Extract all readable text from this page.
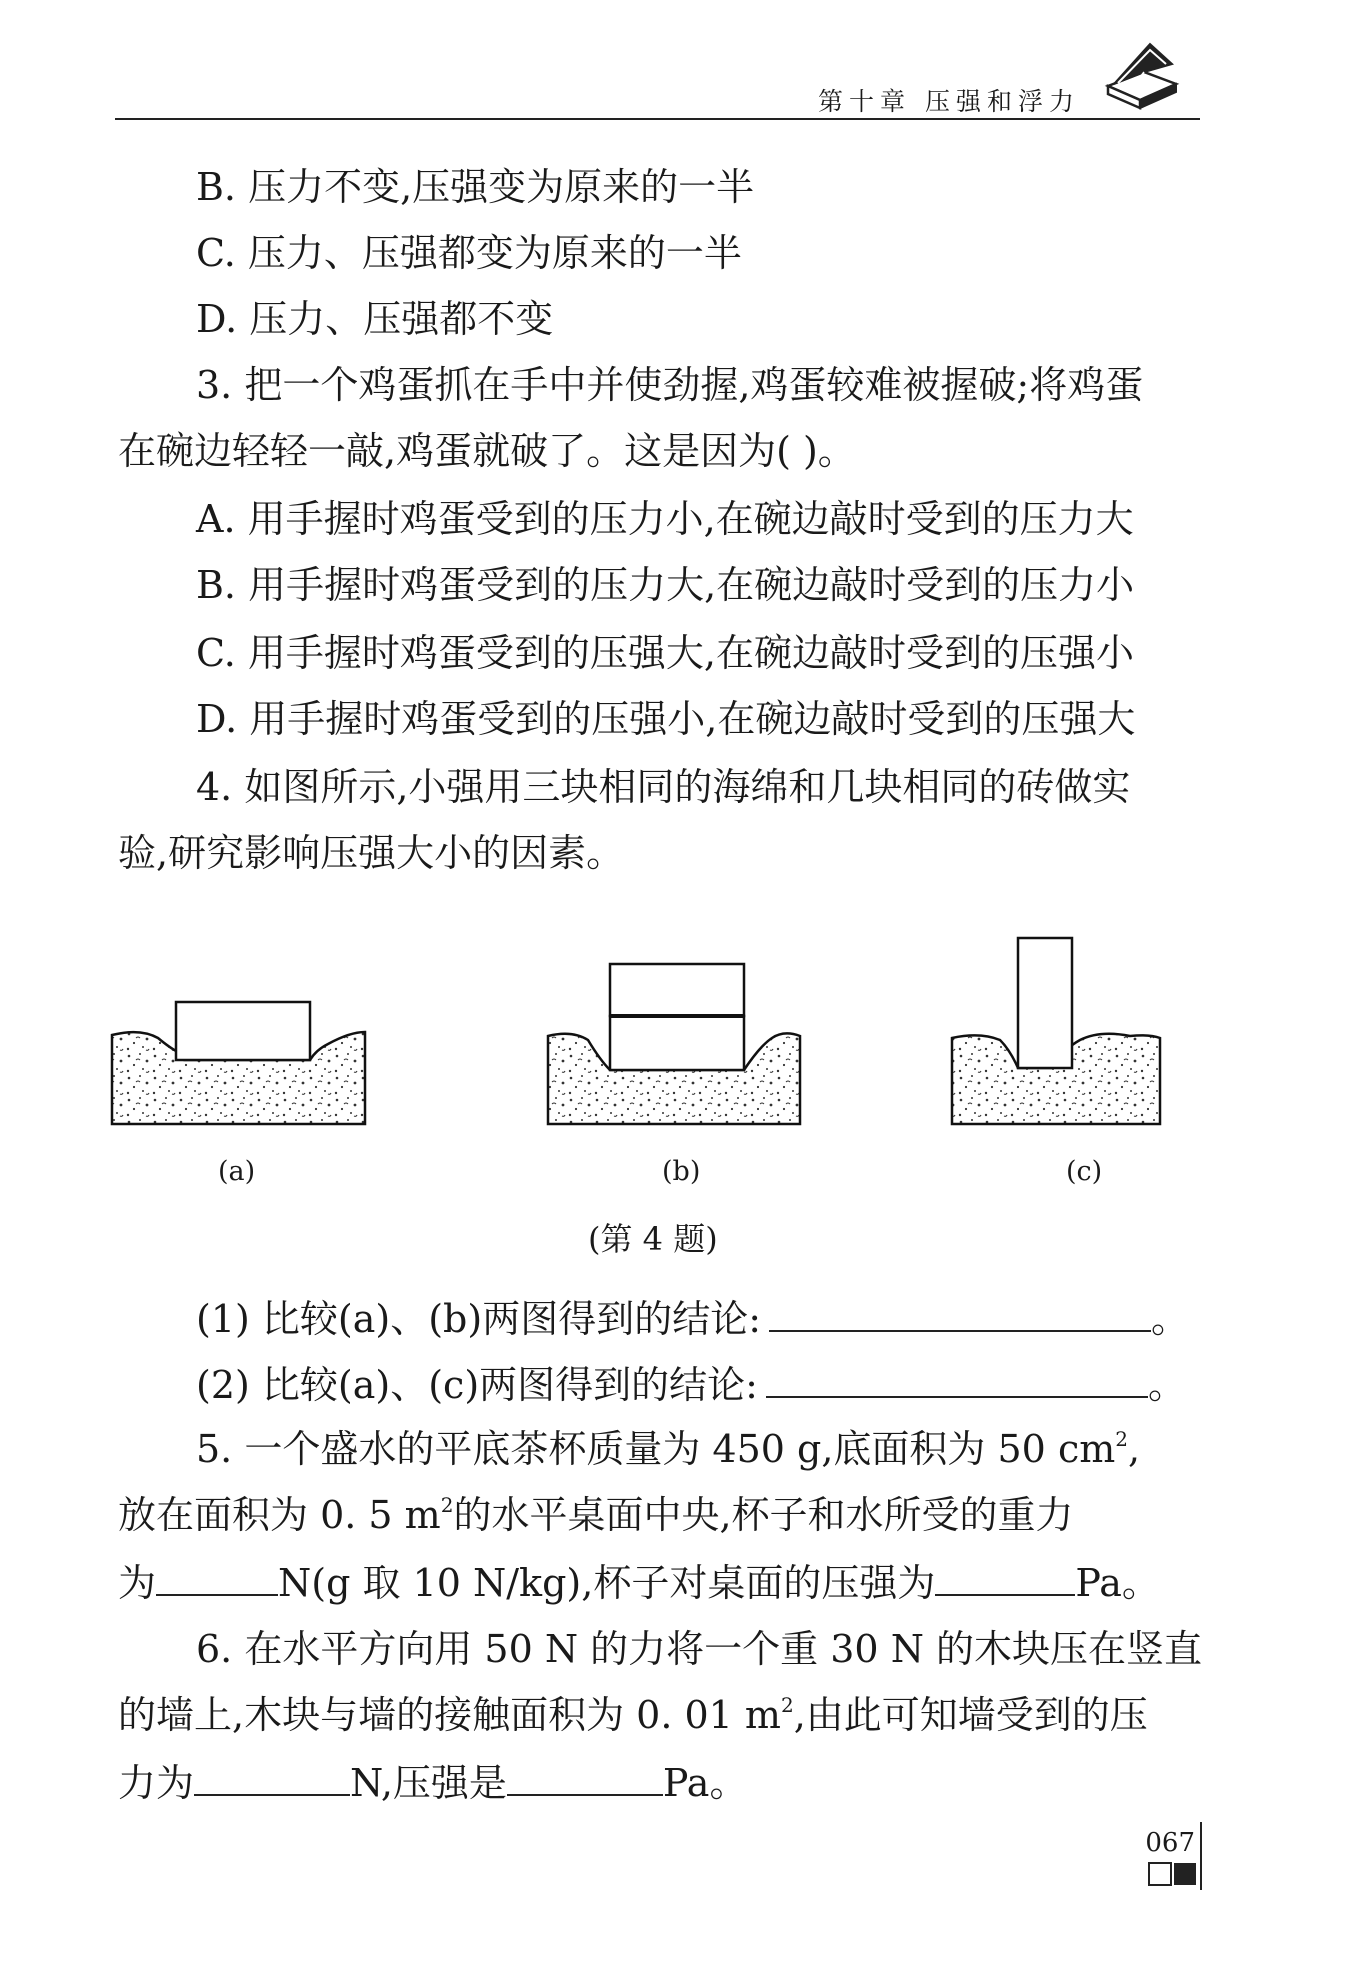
第十章 压强和浮力
B. 压力不变,压强变为原来的一半
C. 压力、压强都变为原来的一半
D. 压力、压强都不变
3. 把一个鸡蛋抓在手中并使劲握,鸡蛋较难被握破;将鸡蛋
在碗边轻轻一敲,鸡蛋就破了。这是因为( )。
A. 用手握时鸡蛋受到的压力小,在碗边敲时受到的压力大
B. 用手握时鸡蛋受到的压力大,在碗边敲时受到的压力小
C. 用手握时鸡蛋受到的压强大,在碗边敲时受到的压强小
D. 用手握时鸡蛋受到的压强小,在碗边敲时受到的压强大
4. 如图所示,小强用三块相同的海绵和几块相同的砖做实
验,研究影响压强大小的因素。
(a)	(b)	(c)
(第 4 题)
(1) 比较(a)、(b)两图得到的结论:	。
(2) 比较(a)、(c)两图得到的结论:	。
5. 一个盛水的平底茶杯质量为 450 g,底面积为 50 $cm^2$,
放在面积为 0. 5 $m^2$的水平桌面中央,杯子和水所受的重力
为	N(g 取 10 N/kg),杯子对桌面的压强为	Pa。
6. 在水平方向用 50 N 的力将一个重 30 N 的木块压在竖直
的墙上,木块与墙的接触面积为 0. 01 $m^2$,由此可知墙受到的压
力为	N,压强是	Pa。
067
